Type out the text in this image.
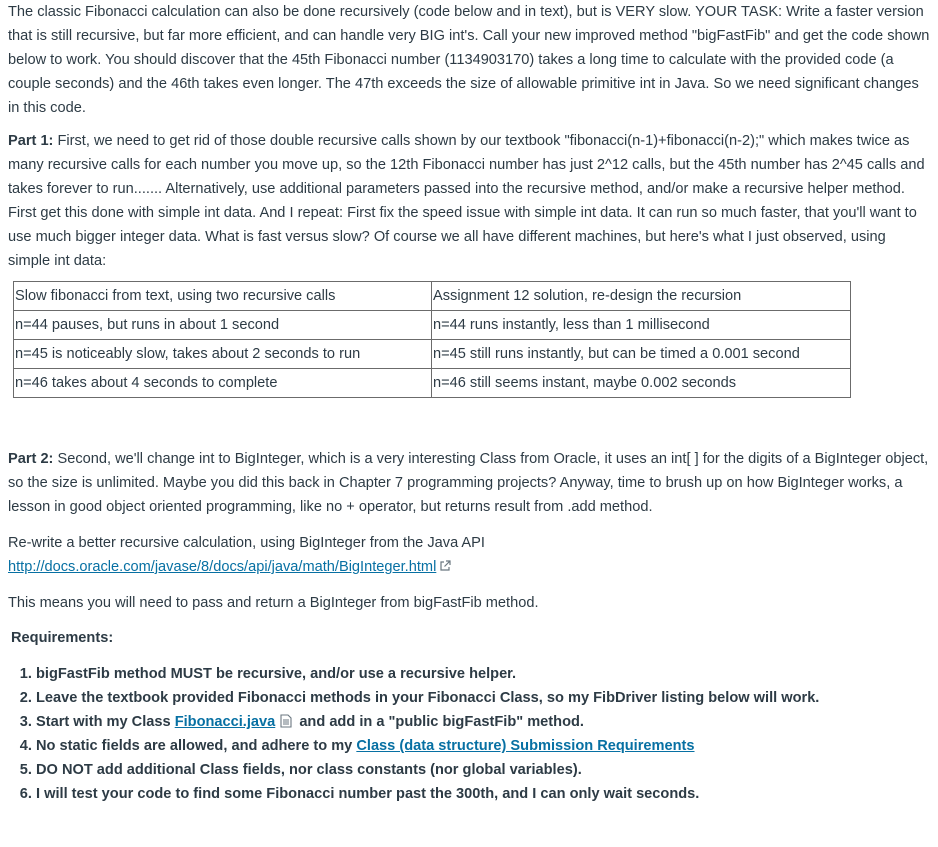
The classic Fibonacci calculation can also be done recursively (code below and in text), but is VERY slow. YOUR TASK: Write a faster version that is still recursive, but far more efficient, and can handle very BIG int's. Call your new improved method "bigFastFib" and get the code shown below to work. You should discover that the 45th Fibonacci number (1134903170) takes a long time to calculate with the provided code (a couple seconds) and the 46th takes even longer. The 47th exceeds the size of allowable primitive int in Java. So we need significant changes in this code.

Part 1: First, we need to get rid of those double recursive calls shown by our textbook "fibonacci(n-1)+fibonacci(n-2);" which makes twice as many recursive calls for each number you move up, so the 12th Fibonacci number has just 2^12 calls, but the 45th number has 2^45 calls and takes forever to run....... Alternatively, use additional parameters passed into the recursive method, and/or make a recursive helper method. First get this done with simple int data. And I repeat: First fix the speed issue with simple int data. It can run so much faster, that you'll want to use much bigger integer data. What is fast versus slow? Of course we all have different machines, but here's what I just observed, using simple int data:

Slow fibonacci from text, using two recursive calls	Assignment 12 solution, re-design the recursion
n=44 pauses, but runs in about 1 second	n=44 runs instantly, less than 1 millisecond
n=45 is noticeably slow, takes about 2 seconds to run	n=45 still runs instantly, but can be timed a 0.001 second
n=46 takes about 4 seconds to complete	n=46 still seems instant, maybe 0.002 seconds

Part 2: Second, we'll change int to BigInteger, which is a very interesting Class from Oracle, it uses an int[ ] for the digits of a BigInteger object, so the size is unlimited. Maybe you did this back in Chapter 7 programming projects? Anyway, time to brush up on how BigInteger works, a lesson in good object oriented programming, like no + operator, but returns result from .add method.

Re-write a better recursive calculation, using BigInteger from the Java API
http://docs.oracle.com/javase/8/docs/api/java/math/BigInteger.html

This means you will need to pass and return a BigInteger from bigFastFib method.

Requirements:

1. bigFastFib method MUST be recursive, and/or use a recursive helper.
2. Leave the textbook provided Fibonacci methods in your Fibonacci Class, so my FibDriver listing below will work.
3. Start with my Class Fibonacci.java and add in a "public bigFastFib" method.
4. No static fields are allowed, and adhere to my Class (data structure) Submission Requirements
5. DO NOT add additional Class fields, nor class constants (nor global variables).
6. I will test your code to find some Fibonacci number past the 300th, and I can only wait seconds.
